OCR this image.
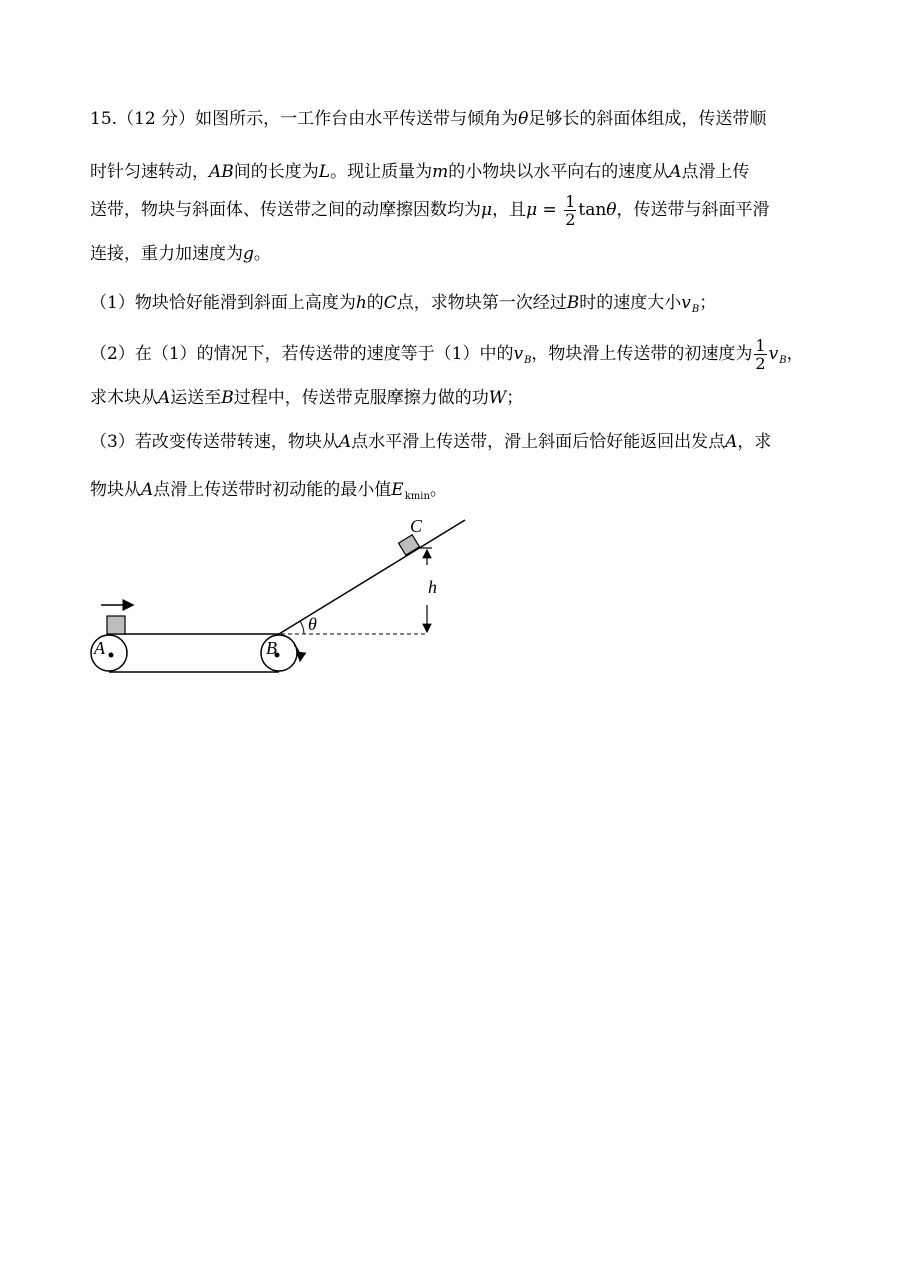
15.（12 分）如图所示，一工作台由水平传送带与倾角为θ足够长的斜面体组成，传送带顺
时针匀速转动，AB间的长度为L。现让质量为m的小物块以水平向右的速度从A点滑上传
送带，物块与斜面体、传送带之间的动摩擦因数均为μ，且$\mu = \frac{1}{2}$ tanθ，传送带与斜面平滑
连接，重力加速度为g。
（1）物块恰好能滑到斜面上高度为h的C点，求物块第一次经过B时的速度大小$v_B$；
（2）在（1）的情况下，若传送带的速度等于（1）中的$v_B$，物块滑上传送带的初速度为 $\frac{1}{2} v_B$，
求木块从A运送至B过程中，传送带克服摩擦力做的功W；
（3）若改变传送带转速，物块从A点水平滑上传送带，滑上斜面后恰好能返回出发点A，求
物块从A点滑上传送带时初动能的最小值$E_{kmin}$。
A	B
C
h
θ
